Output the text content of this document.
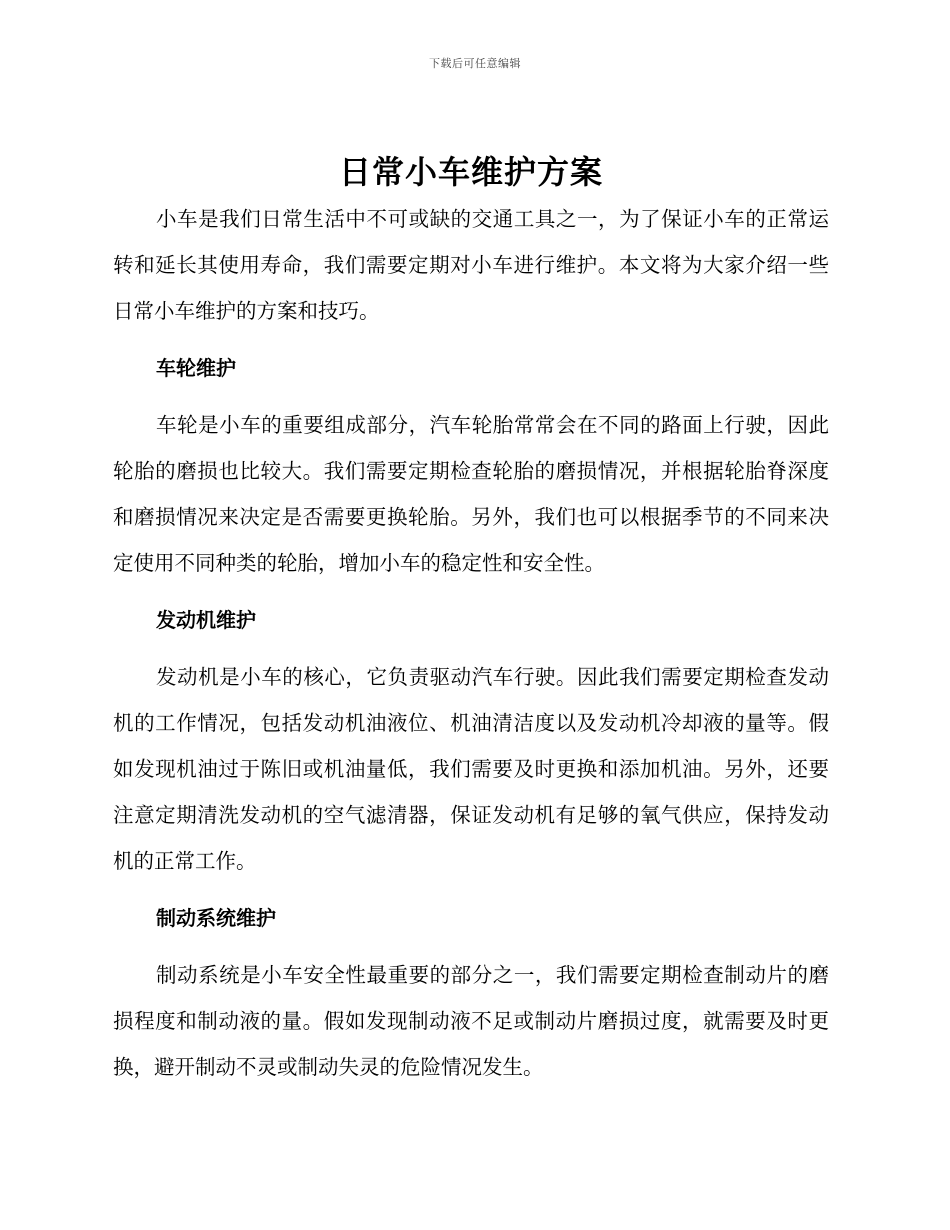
下载后可任意编辑
日常小车维护方案

小车是我们日常生活中不可或缺的交通工具之一，为了保证小车的正常运转和延长其使用寿命，我们需要定期对小车进行维护。本文将为大家介绍一些日常小车维护的方案和技巧。

车轮维护

车轮是小车的重要组成部分，汽车轮胎常常会在不同的路面上行驶，因此轮胎的磨损也比较大。我们需要定期检查轮胎的磨损情况，并根据轮胎脊深度和磨损情况来决定是否需要更换轮胎。另外，我们也可以根据季节的不同来决定使用不同种类的轮胎，增加小车的稳定性和安全性。

发动机维护

发动机是小车的核心，它负责驱动汽车行驶。因此我们需要定期检查发动机的工作情况，包括发动机油液位、机油清洁度以及发动机冷却液的量等。假如发现机油过于陈旧或机油量低，我们需要及时更换和添加机油。另外，还要注意定期清洗发动机的空气滤清器，保证发动机有足够的氧气供应，保持发动机的正常工作。

制动系统维护

制动系统是小车安全性最重要的部分之一，我们需要定期检查制动片的磨损程度和制动液的量。假如发现制动液不足或制动片磨损过度，就需要及时更换，避开制动不灵或制动失灵的危险情况发生。
